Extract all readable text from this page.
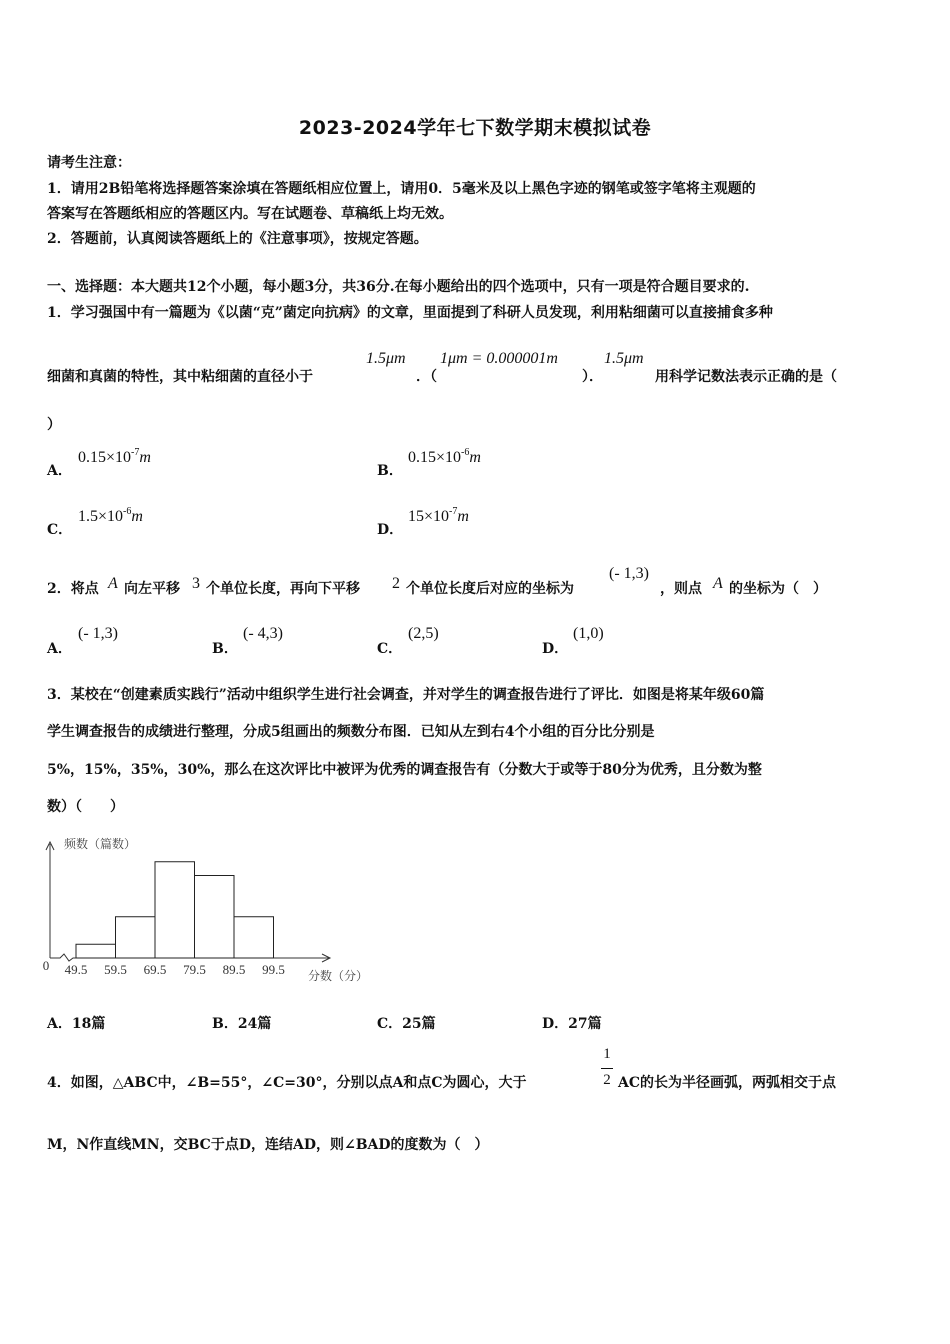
2023-2024学年七下数学期末模拟试卷
请考生注意：
1．请用2B铅笔将选择题答案涂填在答题纸相应位置上，请用0．5毫米及以上黑色字迹的钢笔或签字笔将主观题的
答案写在答题纸相应的答题区内。写在试题卷、草稿纸上均无效。
2．答题前，认真阅读答题纸上的《注意事项》，按规定答题。
一、选择题：本大题共12个小题，每小题3分，共36分.在每小题给出的四个选项中，只有一项是符合题目要求的.
1．学习强国中有一篇题为《以菌“克”菌定向抗病》的文章，里面提到了科研人员发现，利用粘细菌可以直接捕食多种
细菌和真菌的特性，其中粘细菌的直径小于
1.5μm
．（
1μm = 0.000001m
）．
1.5μm
用科学记数法表示正确的是（
）
A．
$0.15\times 10^{-7}m$
B．
$0.15\times 10^{-6}m$
C．
$1.5\times 10^{-6}m$
D．
$15\times 10^{-7}m$
2．将点 A 向左平移 3 个单位长度，再向下平移 2 个单位长度后对应的坐标为
(- 1,3)
，则点 A 的坐标为（　）
A．
(- 1,3)
B．
(- 4,3)
C．
(2,5)
D．
(1,0)
3．某校在“创建素质实践行”活动中组织学生进行社会调查，并对学生的调查报告进行了评比．如图是将某年级60篇
学生调查报告的成绩进行整理，分成5组画出的频数分布图．已知从左到右4个小组的百分比分别是
5%，15%，35%，30%，那么在这次评比中被评为优秀的调查报告有（分数大于或等于80分为优秀，且分数为整
数）（　　）
49.5 59.5 69.5 79.5 89.5 99.5
0
频数（篇数）
分数（分）
A．18篇	B．24篇	C．25篇	D．27篇
4．如图，△ABC中，∠B=55°，∠C=30°，分别以点A和点C为圆心，大于
1
2 AC的长为半径画弧，两弧相交于点
M，N作直线MN，交BC于点D，连结AD，则∠BAD的度数为（　）
